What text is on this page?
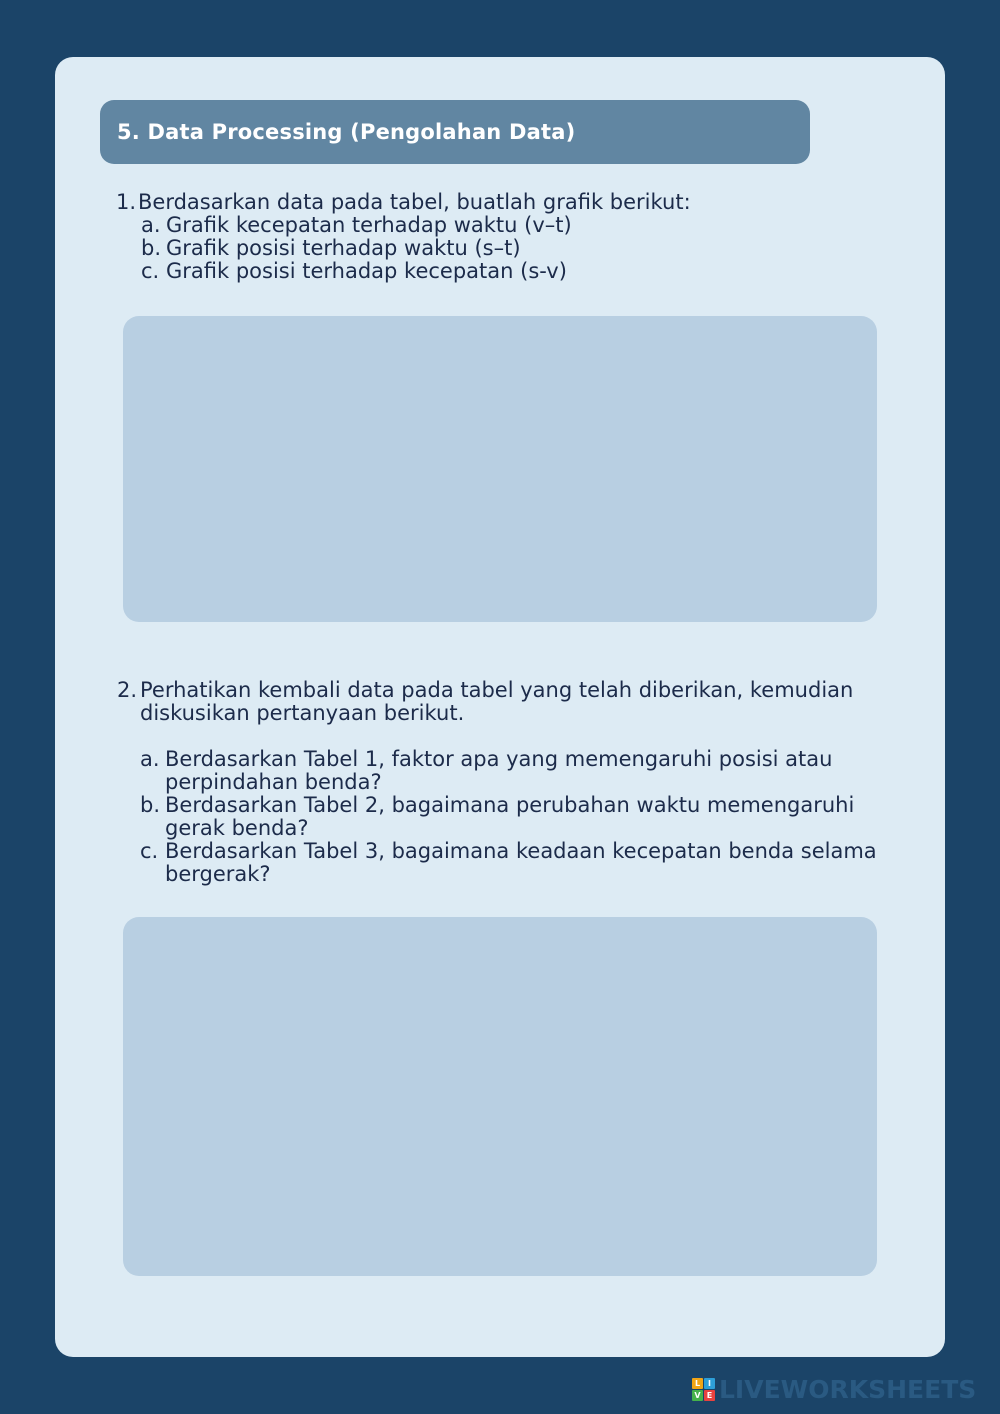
5. Data Processing (Pengolahan Data)
1. Berdasarkan data pada tabel, buatlah grafik berikut:
a. Grafik kecepatan terhadap waktu (v–t)
b. Grafik posisi terhadap waktu (s–t)
c. Grafik posisi terhadap kecepatan (s-v)
2. Perhatikan kembali data pada tabel yang telah diberikan, kemudian diskusikan pertanyaan berikut.
a. Berdasarkan Tabel 1, faktor apa yang memengaruhi posisi atau perpindahan benda?
b. Berdasarkan Tabel 2, bagaimana perubahan waktu memengaruhi gerak benda?
c. Berdasarkan Tabel 3, bagaimana keadaan kecepatan benda selama bergerak?
L I
V E LIVEWORKSHEETS
